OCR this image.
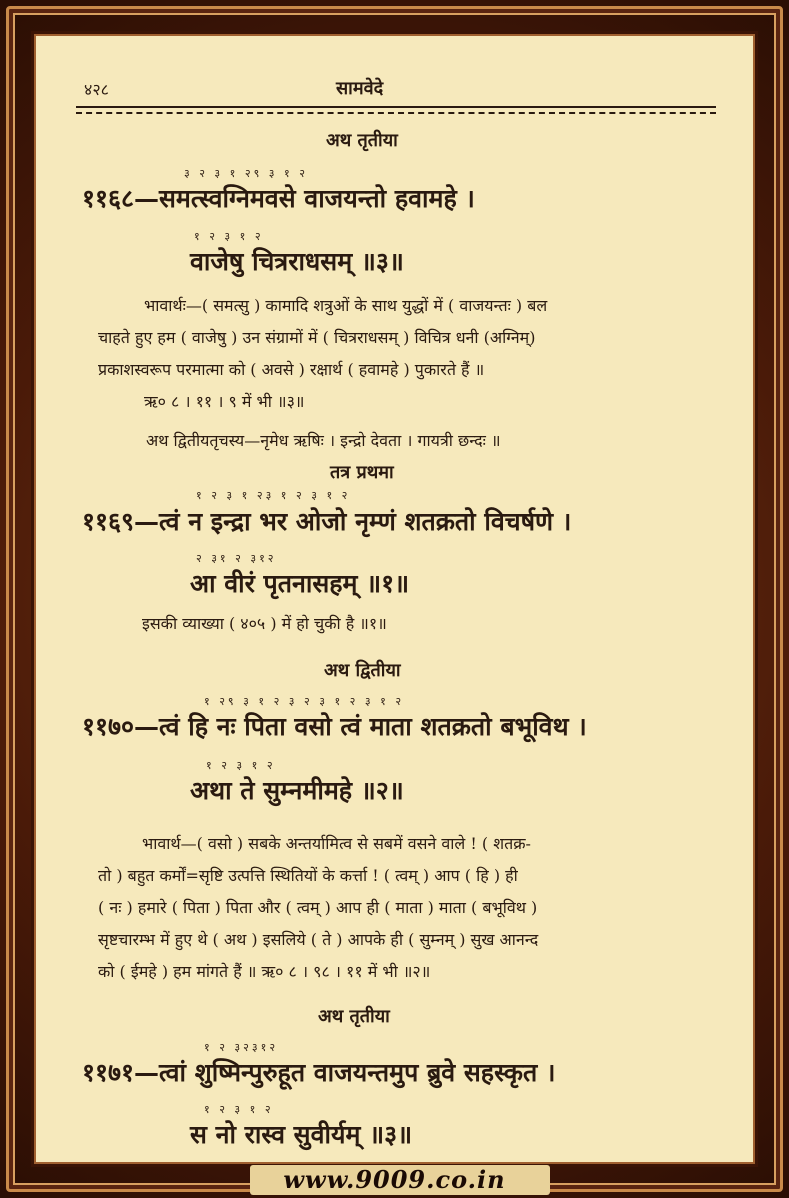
४२८	सामवेदे
अथ तृतीया
३ २ ३ १ २९ ३ १ २
११६८—समत्स्वग्निमवसे वाजयन्तो हवामहे ।
१ २ ३ १ २
वाजेषु चित्रराधसम् ॥३॥
भावार्थः—( समत्सु ) कामादि शत्रुओं के साथ युद्धों में ( वाजयन्तः ) बल
चाहते हुए हम ( वाजेषु ) उन संग्रामों में ( चित्रराधसम् ) विचित्र धनी (अग्निम्)
प्रकाशस्वरूप परमात्मा को ( अवसे ) रक्षार्थ ( हवामहे ) पुकारते हैं ॥
ऋ० ८ । ११ । ९ में भी ॥३॥
अथ द्वितीयतृचस्य—नृमेध ऋषिः । इन्द्रो देवता । गायत्री छन्दः ॥
तत्र प्रथमा
१ २ ३ १ २३ १ २ ३ १ २
११६९—त्वं न इन्द्रा भर ओजो नृम्णं शतक्रतो विचर्षणे ।
२ ३१ २ ३१२
आ वीरं पृतनासहम् ॥१॥
इसकी व्याख्या ( ४०५ ) में हो चुकी है ॥१॥
अथ द्वितीया
१ २९ ३ १ २ ३ २ ३ १ २ ३ १ २
११७०—त्वं हि नः पिता वसो त्वं माता शतक्रतो बभूविथ ।
१ २ ३ १ २
अथा ते सुम्नमीमहे ॥२॥
भावार्थ—( वसो ) सबके अन्तर्यामित्व से सबमें वसने वाले ! ( शतक्र-
तो ) बहुत कर्मों=सृष्टि उत्पत्ति स्थितियों के कर्त्ता ! ( त्वम् ) आप ( हि ) ही
( नः ) हमारे ( पिता ) पिता और ( त्वम् ) आप ही ( माता ) माता ( बभूविथ )
सृष्टचारम्भ में हुए थे ( अथ ) इसलिये ( ते ) आपके ही ( सुम्नम् ) सुख आनन्द
को ( ईमहे ) हम मांगते हैं ॥ ऋ० ८ । ९८ । ११ में भी ॥२॥
अथ तृतीया
१ २ ३२३१२
११७१—त्वां शुष्मिन्पुरुहूत वाजयन्तमुप ब्रुवे सहस्कृत ।
१ २ ३ १ २
स नो रास्व सुवीर्यम् ॥३॥
www.9009.co.in
